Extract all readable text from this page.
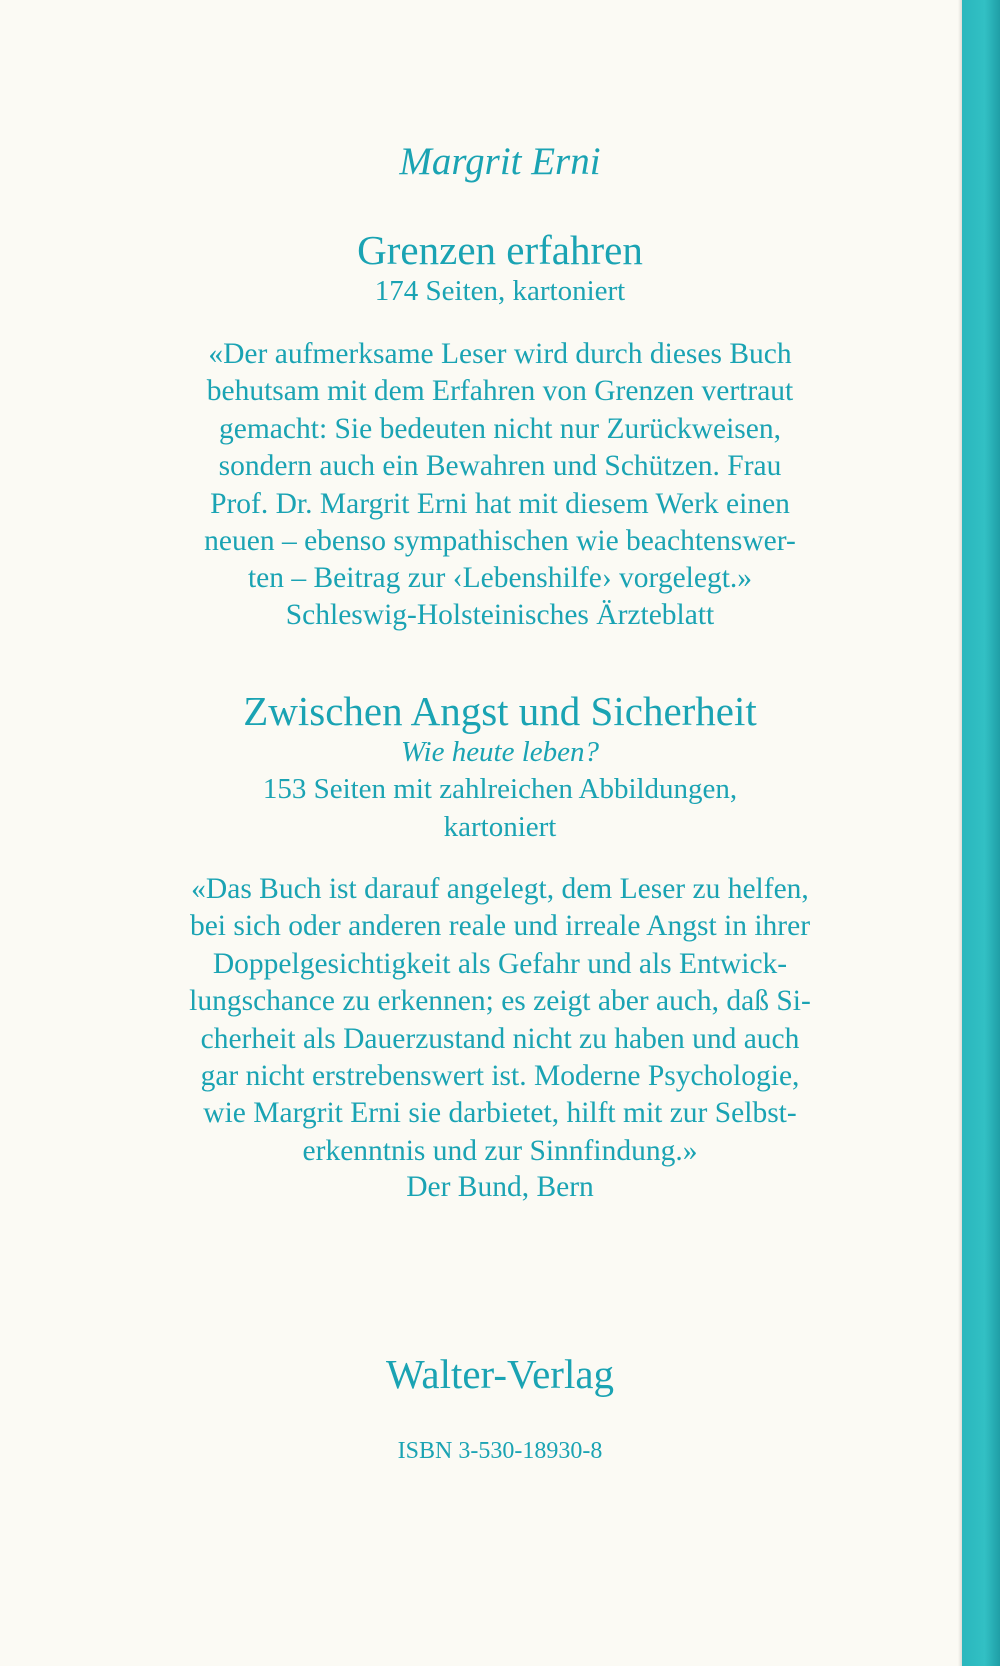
Margrit Erni
Grenzen erfahren
174 Seiten, kartoniert
«Der aufmerksame Leser wird durch dieses Buch
behutsam mit dem Erfahren von Grenzen vertraut
gemacht: Sie bedeuten nicht nur Zurückweisen,
sondern auch ein Bewahren und Schützen. Frau
Prof. Dr. Margrit Erni hat mit diesem Werk einen
neuen – ebenso sympathischen wie beachtenswer-
ten – Beitrag zur ‹Lebenshilfe› vorgelegt.»
Schleswig-Holsteinisches Ärzteblatt
Zwischen Angst und Sicherheit
Wie heute leben?
153 Seiten mit zahlreichen Abbildungen,
kartoniert
«Das Buch ist darauf angelegt, dem Leser zu helfen,
bei sich oder anderen reale und irreale Angst in ihrer
Doppelgesichtigkeit als Gefahr und als Entwick-
lungschance zu erkennen; es zeigt aber auch, daß Si-
cherheit als Dauerzustand nicht zu haben und auch
gar nicht erstrebenswert ist. Moderne Psychologie,
wie Margrit Erni sie darbietet, hilft mit zur Selbst-
erkenntnis und zur Sinnfindung.»
Der Bund, Bern
Walter-Verlag
ISBN 3-530-18930-8
